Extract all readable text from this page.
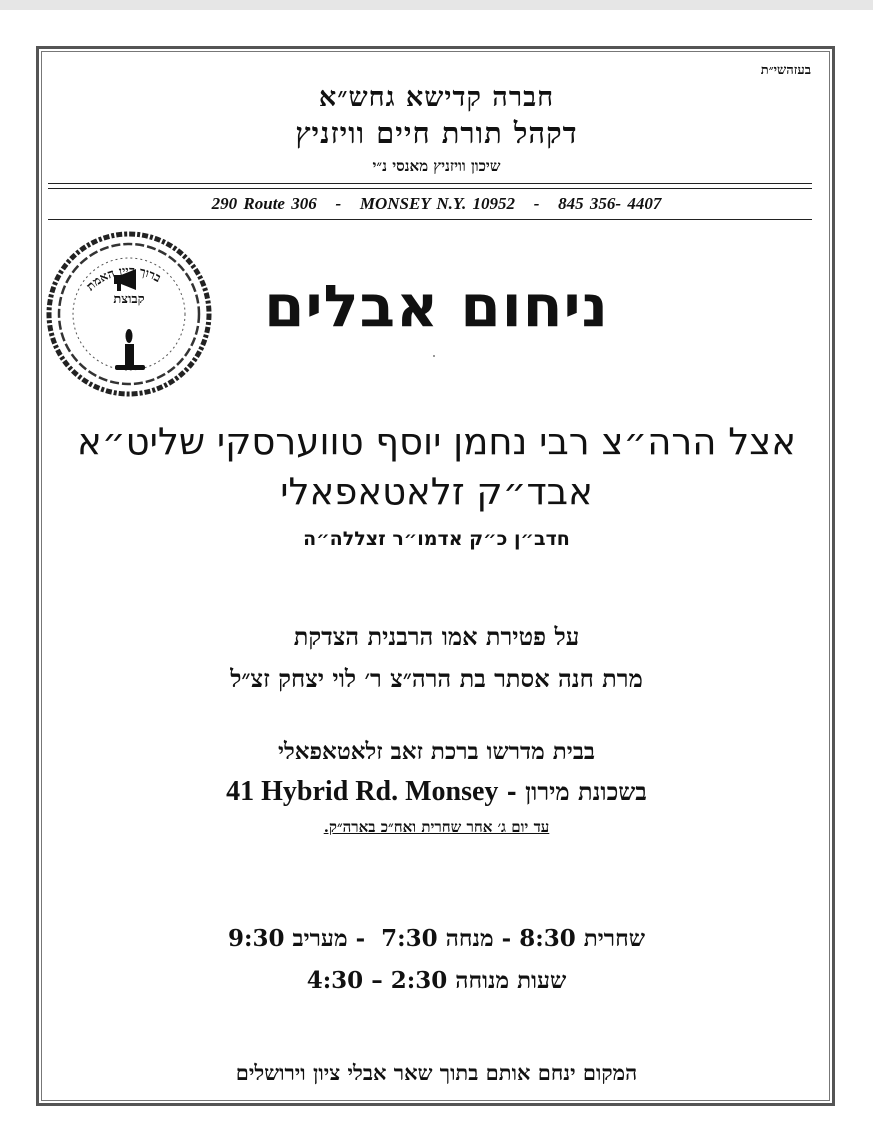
בעזהשי״ת
חברה קדישא גחש״א
דקהל תורת חיים וויזניץ
שיכון וויזניץ מאנסי נ״י
290 Route 306   -   MONSEY N.Y. 10952   -   845 356- 4407
קבוצת
ברוך דיין האמת	ניחום אבלים
אצל הרה״צ רבי נחמן יוסף טווערסקי שליט״א
אבד״ק זלאטאפאלי
חדב״ן כ״ק אדמו״ר זצללה״ה
על פטירת אמו הרבנית הצדקת
מרת חנה אסתר בת הרה״צ ר׳ לוי יצחק זצ״ל
בבית מדרשו ברכת זאב זלאטאפאלי
בשכונת מירון - 41 Hybrid Rd. Monsey
עד יום ג׳ אחר שחרית ואח״כ בארה״ק.
שחרית 8:30 - מנחה 7:30  - מעריב 9:30
שעות מנוחה 2:30 – 4:30
המקום ינחם אותם בתוך שאר אבלי ציון וירושלים
